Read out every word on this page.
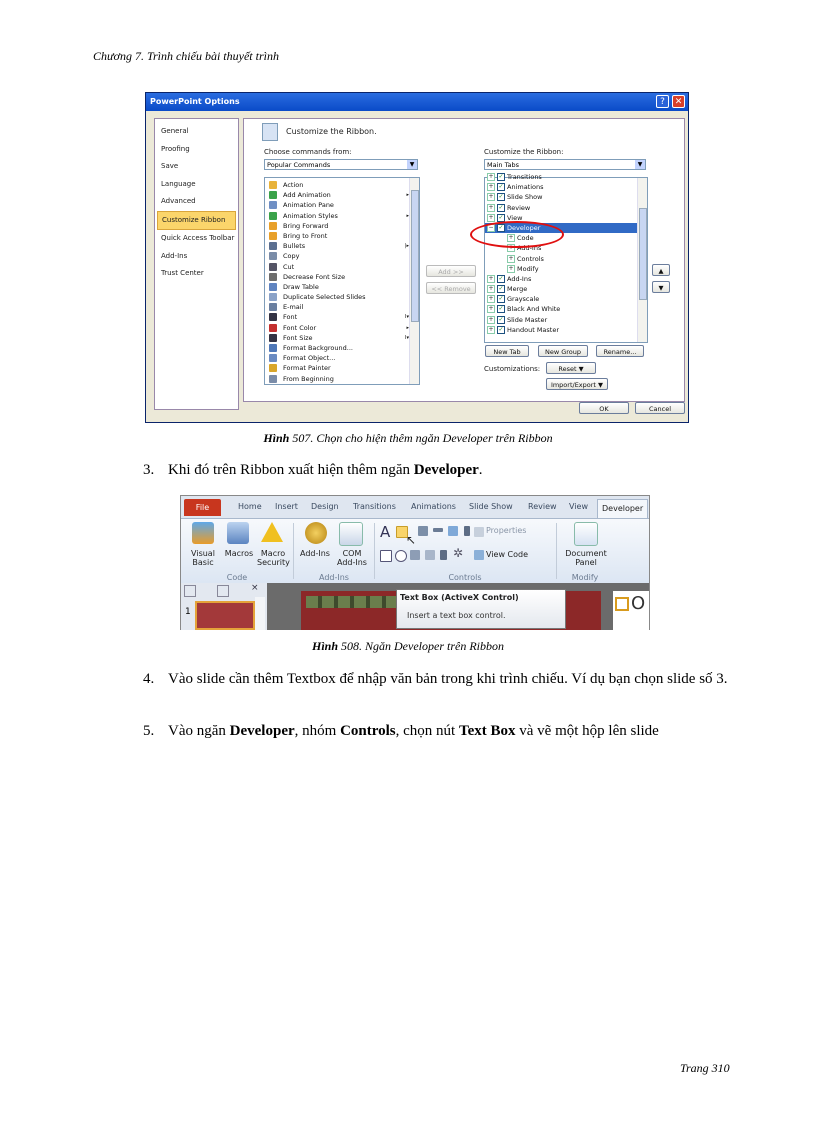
Chương 7. Trình chiếu bài thuyết trình
Trang 310
PowerPoint Options	?	✕
General
Proofing
Save
Language
Advanced
Customize Ribbon
Quick Access Toolbar
Add-Ins
Trust Center
Customize the Ribbon.
Choose commands from:
Popular Commands	▼
Customize the Ribbon:
Main Tabs	▼
Action
Add Animation	▸
Animation Pane
Animation Styles	▸
Bring Forward
Bring to Front
Bullets	|▸
Copy
Cut
Decrease Font Size
Draw Table
Duplicate Selected Slides
E-mail
Font	I▾
Font Color	▸
Font Size	I▾
Format Background...
Format Object...
Format Painter
From Beginning
Add >>
<< Remove
+ ✓ Transitions
+ ✓ Animations
+ ✓ Slide Show
+ ✓ Review
+ ✓ View
− ✓ Developer
+ Code
+ Add-Ins
+ Controls
+ Modify
+ ✓ Add-Ins
+ ✓ Merge
+ ✓ Grayscale
+ ✓ Black And White
+ ✓ Slide Master
+ ✓ Handout Master
▲
▼
New Tab	New Group	Rename...
Customizations:	Reset ▼
Import/Export ▼
OK	Cancel
Hình 507. Chọn cho hiện thêm ngăn Developer trên Ribbon
3. Khi đó trên Ribbon xuất hiện thêm ngăn Developer.
File	Home Insert Design Transitions Animations Slide Show Review View	Developer
Visual Basic
Macros Macro Security
Code
Add-Ins	COM Add-Ins
Add-Ins
A ↖
✲
Properties
View Code
Controls
Document Panel
Modify
×
1	O
Text Box (ActiveX Control)
Insert a text box control.
Hình 508. Ngăn Developer trên Ribbon
4. Vào slide cần thêm Textbox để nhập văn bản trong khi trình chiếu. Ví dụ bạn chọn slide số 3.
5. Vào ngăn Developer, nhóm Controls, chọn nút Text Box và vẽ một hộp lên slide
